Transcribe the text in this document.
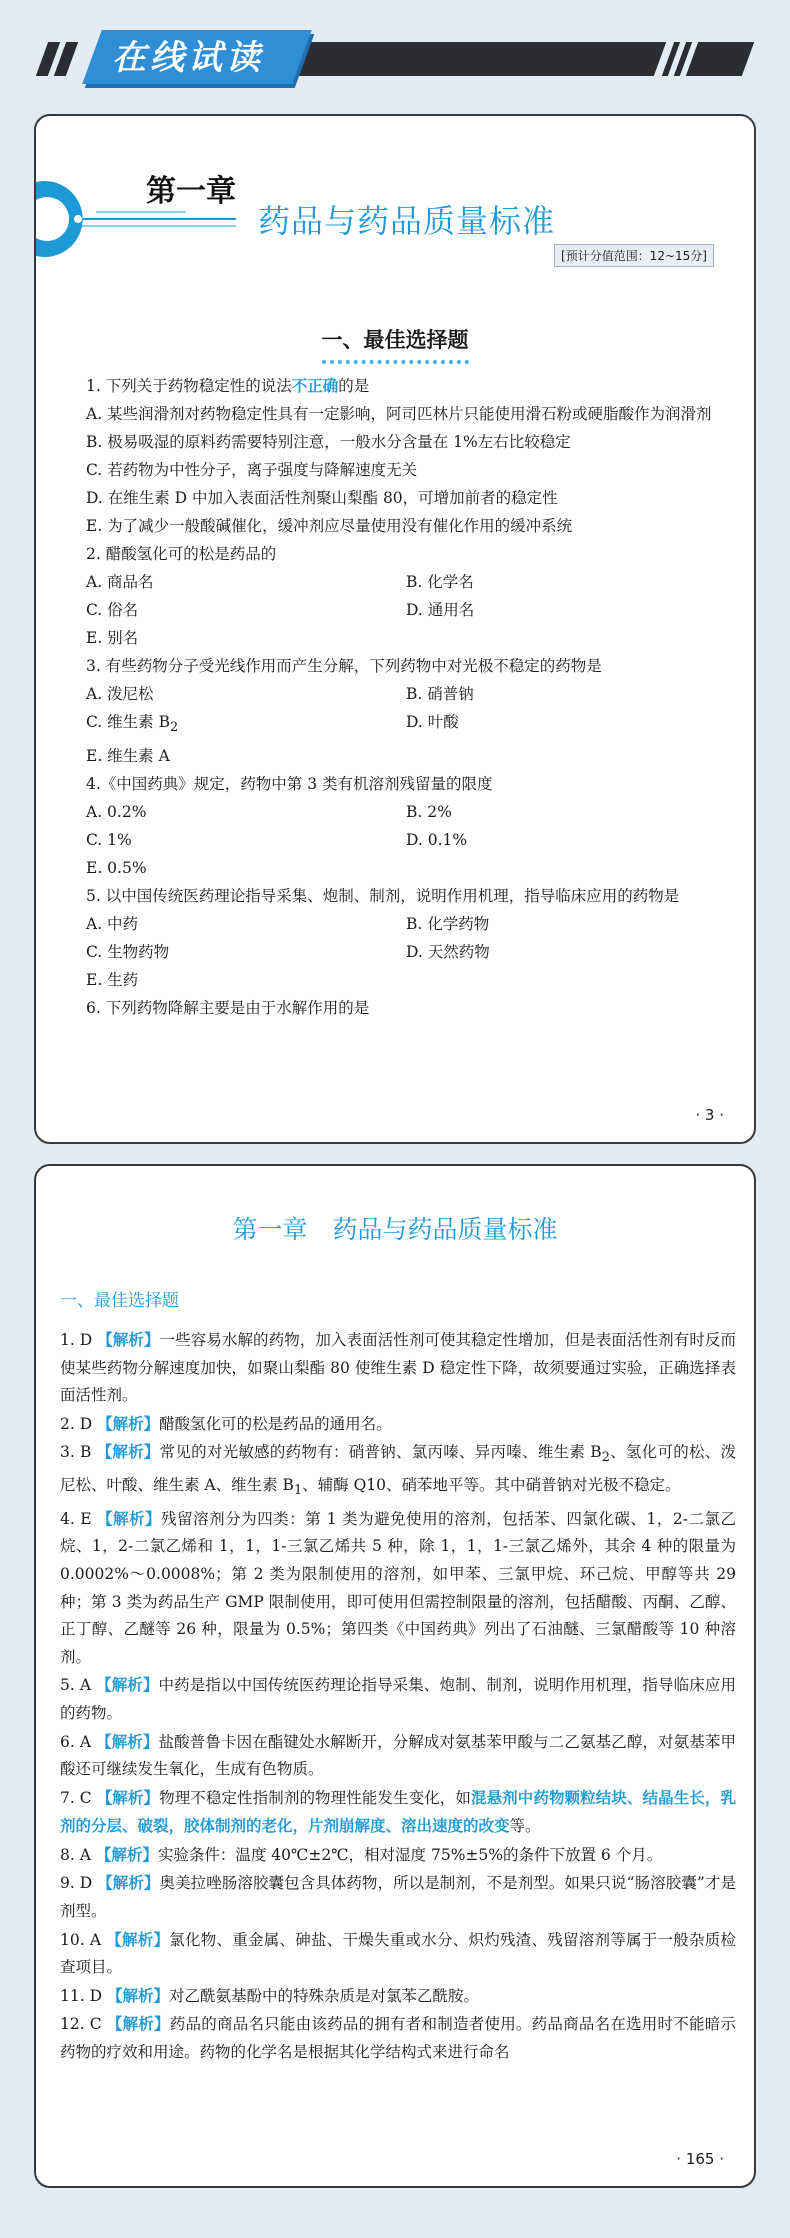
在线试读
第一章
药品与药品质量标准
[预计分值范围：12~15分]
一、最佳选择题

1. 下列关于药物稳定性的说法不正确的是

A. 某些润滑剂对药物稳定性具有一定影响，阿司匹林片只能使用滑石粉或硬脂酸作为润滑剂

B. 极易吸湿的原料药需要特别注意，一般水分含量在 1%左右比较稳定

C. 若药物为中性分子，离子强度与降解速度无关

D. 在维生素 D 中加入表面活性剂聚山梨酯 80，可增加前者的稳定性

E. 为了减少一般酸碱催化，缓冲剂应尽量使用没有催化作用的缓冲系统

2. 醋酸氢化可的松是药品的

A. 商品名	B. 化学名
C. 俗名	D. 通用名
E. 别名

3. 有些药物分子受光线作用而产生分解，下列药物中对光极不稳定的药物是

A. 泼尼松	B. 硝普钠
C. 维生素 $B_2$	D. 叶酸
E. 维生素 A

4.《中国药典》规定，药物中第 3 类有机溶剂残留量的限度

A. 0.2%	B. 2%
C. 1%	D. 0.1%
E. 0.5%

5. 以中国传统医药理论指导采集、炮制、制剂，说明作用机理，指导临床应用的药物是

A. 中药	B. 化学药物
C. 生物药物	D. 天然药物
E. 生药

6. 下列药物降解主要是由于水解作用的是

· 3 ·
第一章　药品与药品质量标准
一、最佳选择题

1. D 【解析】一些容易水解的药物，加入表面活性剂可使其稳定性增加，但是表面活性剂有时反而使某些药物分解速度加快，如聚山梨酯 80 使维生素 D 稳定性下降，故须要通过实验，正确选择表面活性剂。

2. D 【解析】醋酸氢化可的松是药品的通用名。

3. B 【解析】常见的对光敏感的药物有：硝普钠、氯丙嗪、异丙嗪、维生素 $B_2$、氢化可的松、泼尼松、叶酸、维生素 A、维生素 $B_1$、辅酶 Q10、硝苯地平等。其中硝普钠对光极不稳定。

4. E 【解析】残留溶剂分为四类：第 1 类为避免使用的溶剂，包括苯、四氯化碳、1，2-二氯乙烷、1，2-二氯乙烯和 1，1，1-三氯乙烯共 5 种，除 1，1，1-三氯乙烯外，其余 4 种的限量为 0.0002%～0.0008%；第 2 类为限制使用的溶剂，如甲苯、三氯甲烷、环己烷、甲醇等共 29 种；第 3 类为药品生产 GMP 限制使用，即可使用但需控制限量的溶剂，包括醋酸、丙酮、乙醇、正丁醇、乙醚等 26 种，限量为 0.5%；第四类《中国药典》列出了石油醚、三氯醋酸等 10 种溶剂。

5. A 【解析】中药是指以中国传统医药理论指导采集、炮制、制剂，说明作用机理，指导临床应用的药物。

6. A 【解析】盐酸普鲁卡因在酯键处水解断开，分解成对氨基苯甲酸与二乙氨基乙醇，对氨基苯甲酸还可继续发生氧化，生成有色物质。

7. C 【解析】物理不稳定性指制剂的物理性能发生变化，如混悬剂中药物颗粒结块、结晶生长，乳剂的分层、破裂，胶体制剂的老化，片剂崩解度、溶出速度的改变等。

8. A 【解析】实验条件：温度 40℃±2℃，相对湿度 75%±5%的条件下放置 6 个月。

9. D 【解析】奥美拉唑肠溶胶囊包含具体药物，所以是制剂，不是剂型。如果只说“肠溶胶囊”才是剂型。

10. A 【解析】氯化物、重金属、砷盐、干燥失重或水分、炽灼残渣、残留溶剂等属于一般杂质检查项目。

11. D 【解析】对乙酰氨基酚中的特殊杂质是对氯苯乙酰胺。

12. C 【解析】药品的商品名只能由该药品的拥有者和制造者使用。药品商品名在选用时不能暗示药物的疗效和用途。药物的化学名是根据其化学结构式来进行命名

· 165 ·
